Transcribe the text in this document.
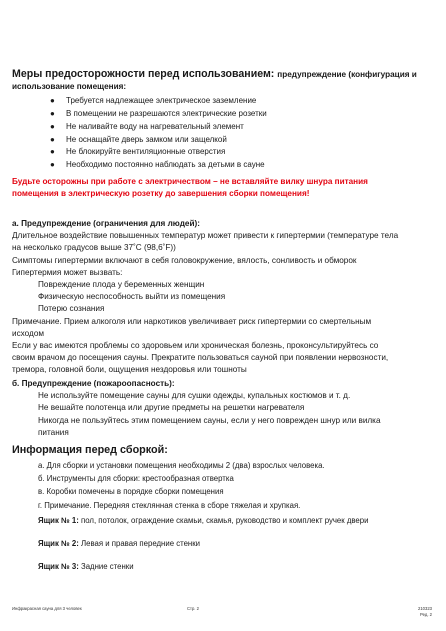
Меры предосторожности перед использованием: предупреждение (конфигурация и

использование помещения:

● Требуется надлежащее электрическое заземление
● В помещении не разрешаются электрические розетки
● Не наливайте воду на нагревательный элемент
● Не оснащайте дверь замком или защелкой
● Не блокируйте вентиляционные отверстия
● Необходимо постоянно наблюдать за детьми в сауне

Будьте осторожны при работе с электричеством – не вставляйте вилку шнура питания

помещения в электрическую розетку до завершения сборки помещения!

a. Предупреждение (ограничения для людей):

Длительное воздействие повышенных температур может привести к гипертермии (температуре тела

на несколько градусов выше 37˚C (98,6˚F))

Симптомы гипертермии включают в себя головокружение, вялость, сонливость и обморок

Гипертермия может вызвать:

Повреждение плода у беременных женщин

Физическую неспособность выйти из помещения

Потерю сознания

Примечание. Прием алкоголя или наркотиков увеличивает риск гипертермии со смертельным

исходом

Если у вас имеются проблемы со здоровьем или хроническая болезнь, проконсультируйтесь со

своим врачом до посещения сауны. Прекратите пользоваться сауной при появлении нервозности,

тремора, головной боли, ощущения нездоровья или тошноты

б. Предупреждение (пожароопасность):

Не используйте помещение сауны для сушки одежды, купальных костюмов и т. д.

Не вешайте полотенца или другие предметы на решетки нагревателя

Никогда не пользуйтесь этим помещением сауны, если у него поврежден шнур или вилка

питания

Информация перед сборкой:

а. Для сборки и установки помещения необходимы 2 (два) взрослых человека.

б. Инструменты для сборки: крестообразная отвертка

в. Коробки помечены в порядке сборки помещения

г. Примечание. Передняя стеклянная стенка в сборе тяжелая и хрупкая.

Ящик № 1: пол, потолок, ограждение скамьи, скамья, руководство и комплект ручек двери

Ящик № 2: Левая и правая передние стенки

Ящик № 3: Задние стенки

Инфракрасная сауна для 3 человек	Стр. 2	210323
Ред. 2
